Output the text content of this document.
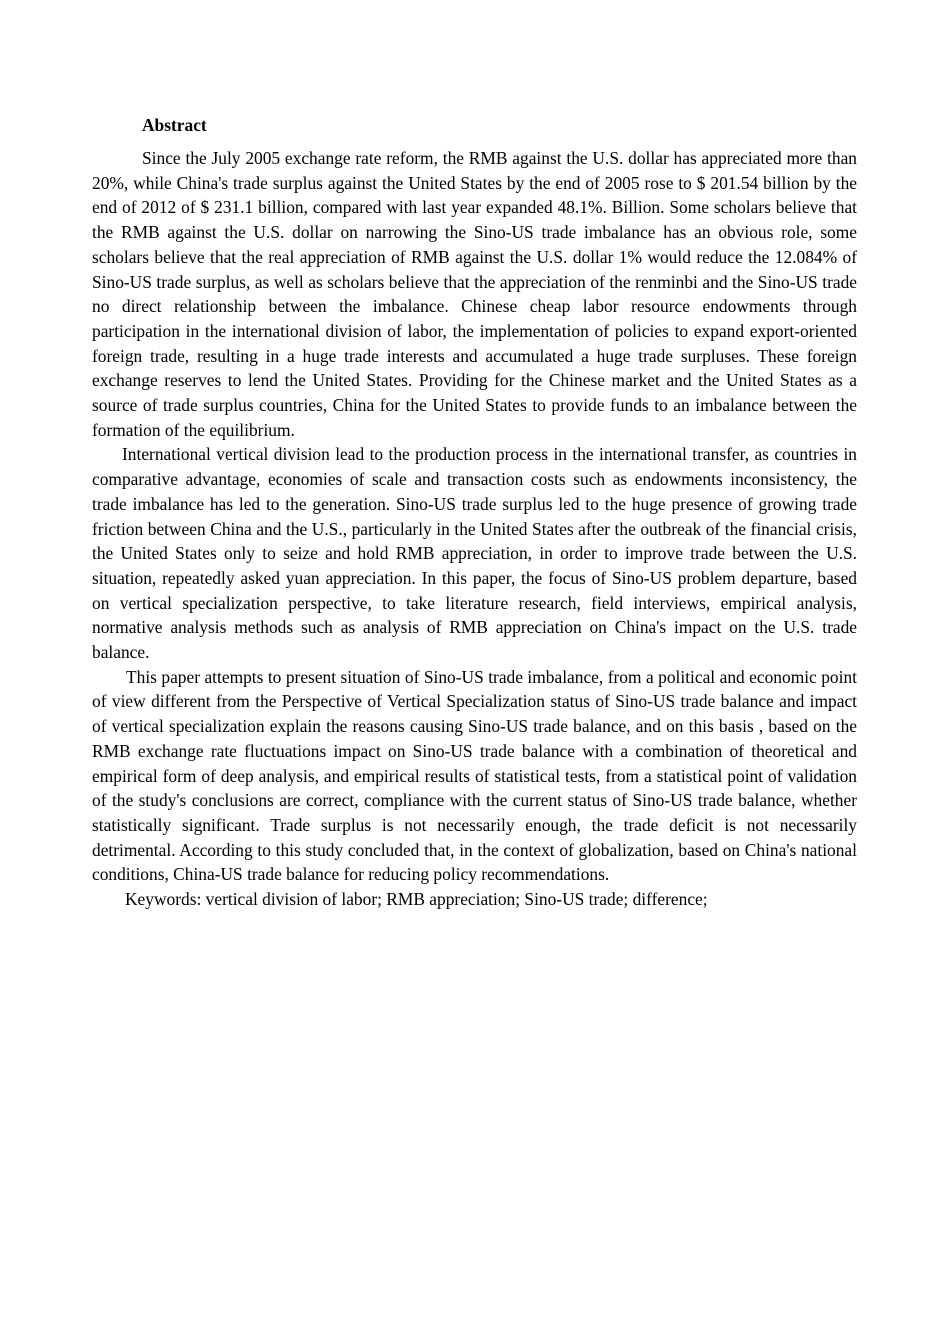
Abstract

Since the July 2005 exchange rate reform, the RMB against the U.S. dollar has appreciated more than 20%, while China's trade surplus against the United States by the end of 2005 rose to $ 201.54 billion by the end of 2012 of $ 231.1 billion, compared with last year expanded 48.1%. Billion. Some scholars believe that the RMB against the U.S. dollar on narrowing the Sino-US trade imbalance has an obvious role, some scholars believe that the real appreciation of RMB against the U.S. dollar 1% would reduce the 12.084% of Sino-US trade surplus, as well as scholars believe that the appreciation of the renminbi and the Sino-US trade no direct relationship between the imbalance. Chinese cheap labor resource endowments through participation in the international division of labor, the implementation of policies to expand export-oriented foreign trade, resulting in a huge trade interests and accumulated a huge trade surpluses. These foreign exchange reserves to lend the United States. Providing for the Chinese market and the United States as a source of trade surplus countries, China for the United States to provide funds to an imbalance between the formation of the equilibrium.

International vertical division lead to the production process in the international transfer, as countries in comparative advantage, economies of scale and transaction costs such as endowments inconsistency, the trade imbalance has led to the generation. Sino-US trade surplus led to the huge presence of growing trade friction between China and the U.S., particularly in the United States after the outbreak of the financial crisis, the United States only to seize and hold RMB appreciation, in order to improve trade between the U.S. situation, repeatedly asked yuan appreciation. In this paper, the focus of Sino-US problem departure, based on vertical specialization perspective, to take literature research, field interviews, empirical analysis, normative analysis methods such as analysis of RMB appreciation on China's impact on the U.S. trade balance.

This paper attempts to present situation of Sino-US trade imbalance, from a political and economic point of view different from the Perspective of Vertical Specialization status of Sino-US trade balance and impact of vertical specialization explain the reasons causing Sino-US trade balance, and on this basis , based on the RMB exchange rate fluctuations impact on Sino-US trade balance with a combination of theoretical and empirical form of deep analysis, and empirical results of statistical tests, from a statistical point of validation of the study's conclusions are correct, compliance with the current status of Sino-US trade balance, whether statistically significant. Trade surplus is not necessarily enough, the trade deficit is not necessarily detrimental. According to this study concluded that, in the context of globalization, based on China's national conditions, China-US trade balance for reducing policy recommendations.

Keywords: vertical division of labor; RMB appreciation; Sino-US trade; difference;
